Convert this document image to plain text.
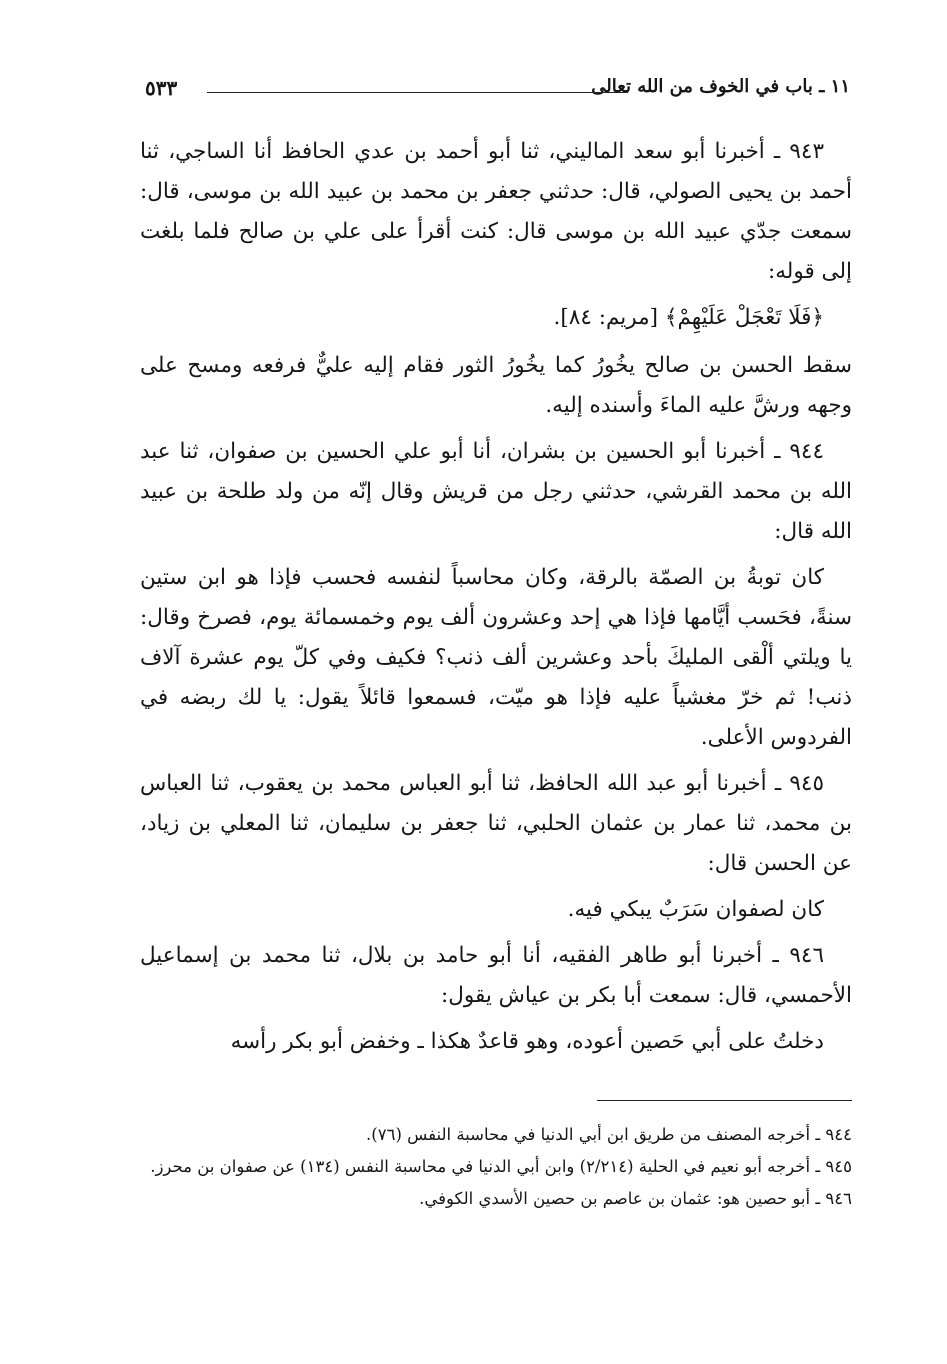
١١ ـ باب في الخوف من الله تعالى
٥٣٣

٩٤٣ ـ أخبرنا أبو سعد الماليني، ثنا أبو أحمد بن عدي الحافظ أنا الساجي، ثنا أحمد بن يحيى الصولي، قال: حدثني جعفر بن محمد بن عبيد الله بن موسى، قال: سمعت جدّي عبيد الله بن موسى قال: كنت أقرأ على علي بن صالح فلما بلغت إلى قوله:

﴿فَلَا تَعْجَلْ عَلَيْهِمْ﴾ [مريم: ٨٤].

سقط الحسن بن صالح يخُورُ كما يخُورُ الثور فقام إليه عليٌّ فرفعه ومسح على وجهه ورشَّ عليه الماءَ وأسنده إليه.

٩٤٤ ـ أخبرنا أبو الحسين بن بشران، أنا أبو علي الحسين بن صفوان، ثنا عبد الله بن محمد القرشي، حدثني رجل من قريش وقال إنّه من ولد طلحة بن عبيد الله قال:

كان توبةُ بن الصمّة بالرقة، وكان محاسباً لنفسه فحسب فإذا هو ابن ستين سنةً، فحَسب أيَّامها فإذا هي إحد وعشرون ألف يوم وخمسمائة يوم، فصرخ وقال: يا ويلتي ألْقى المليكَ بأحد وعشرين ألف ذنب؟ فكيف وفي كلّ يوم عشرة آلاف ذنب! ثم خرّ مغشياً عليه فإذا هو ميّت، فسمعوا قائلاً يقول: يا لك ربضه في الفردوس الأعلى.

٩٤٥ ـ أخبرنا أبو عبد الله الحافظ، ثنا أبو العباس محمد بن يعقوب، ثنا العباس بن محمد، ثنا عمار بن عثمان الحلبي، ثنا جعفر بن سليمان، ثنا المعلي بن زياد، عن الحسن قال:

كان لصفوان سَرَبٌ يبكي فيه.

٩٤٦ ـ أخبرنا أبو طاهر الفقيه، أنا أبو حامد بن بلال، ثنا محمد بن إسماعيل الأحمسي، قال: سمعت أبا بكر بن عياش يقول:

دخلتُ على أبي حَصين أعوده، وهو قاعدٌ هكذا ـ وخفض أبو بكر رأسه

٩٤٤ ـ أخرجه المصنف من طريق ابن أبي الدنيا في محاسبة النفس (٧٦).

٩٤٥ ـ أخرجه أبو نعيم في الحلية (٢/٢١٤) وابن أبي الدنيا في محاسبة النفس (١٣٤) عن صفوان بن محرز.

٩٤٦ ـ أبو حصين هو: عثمان بن عاصم بن حصين الأسدي الكوفي.
